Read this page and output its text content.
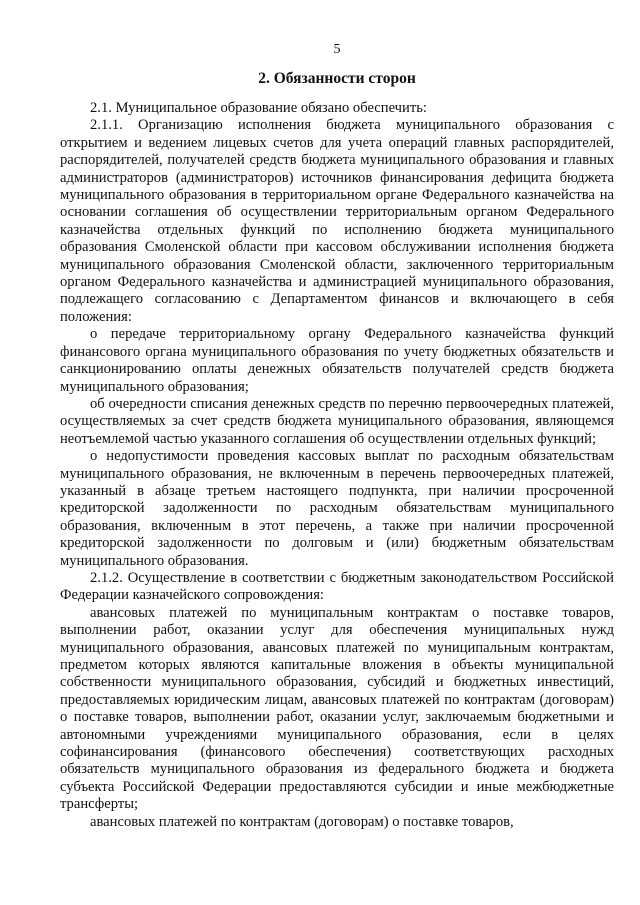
5
2. Обязанности сторон

2.1. Муниципальное образование обязано обеспечить:

2.1.1. Организацию исполнения бюджета муниципального образования с открытием и ведением лицевых счетов для учета операций главных распорядителей, распорядителей, получателей средств бюджета муниципального образования и главных администраторов (администраторов) источников финансирования дефицита бюджета муниципального образования в территориальном органе Федерального казначейства на основании соглашения об осуществлении территориальным органом Федерального казначейства отдельных функций по исполнению бюджета муниципального образования Смоленской области при кассовом обслуживании исполнения бюджета муниципального образования Смоленской области, заключенного территориальным органом Федерального казначейства и администрацией муниципального образования, подлежащего согласованию с Департаментом финансов и включающего в себя положения:

о передаче территориальному органу Федерального казначейства функций финансового органа муниципального образования по учету бюджетных обязательств и санкционированию оплаты денежных обязательств получателей средств бюджета муниципального образования;

об очередности списания денежных средств по перечню первоочередных платежей, осуществляемых за счет средств бюджета муниципального образования, являющемся неотъемлемой частью указанного соглашения об осуществлении отдельных функций;

о недопустимости проведения кассовых выплат по расходным обязательствам муниципального образования, не включенным в перечень первоочередных платежей, указанный в абзаце третьем настоящего подпункта, при наличии просроченной кредиторской задолженности по расходным обязательствам муниципального образования, включенным в этот перечень, а также при наличии просроченной кредиторской задолженности по долговым и (или) бюджетным обязательствам муниципального образования.

2.1.2. Осуществление в соответствии с бюджетным законодательством Российской Федерации казначейского сопровождения:

авансовых платежей по муниципальным контрактам о поставке товаров, выполнении работ, оказании услуг для обеспечения муниципальных нужд муниципального образования, авансовых платежей по муниципальным контрактам, предметом которых являются капитальные вложения в объекты муниципальной собственности муниципального образования, субсидий и бюджетных инвестиций, предоставляемых юридическим лицам, авансовых платежей по контрактам (договорам) о поставке товаров, выполнении работ, оказании услуг, заключаемым бюджетными и автономными учреждениями муниципального образования, если в целях софинансирования (финансового обеспечения) соответствующих расходных обязательств муниципального образования из федерального бюджета и бюджета субъекта Российской Федерации предоставляются субсидии и иные межбюджетные трансферты;

авансовых платежей по контрактам (договорам) о поставке товаров,
